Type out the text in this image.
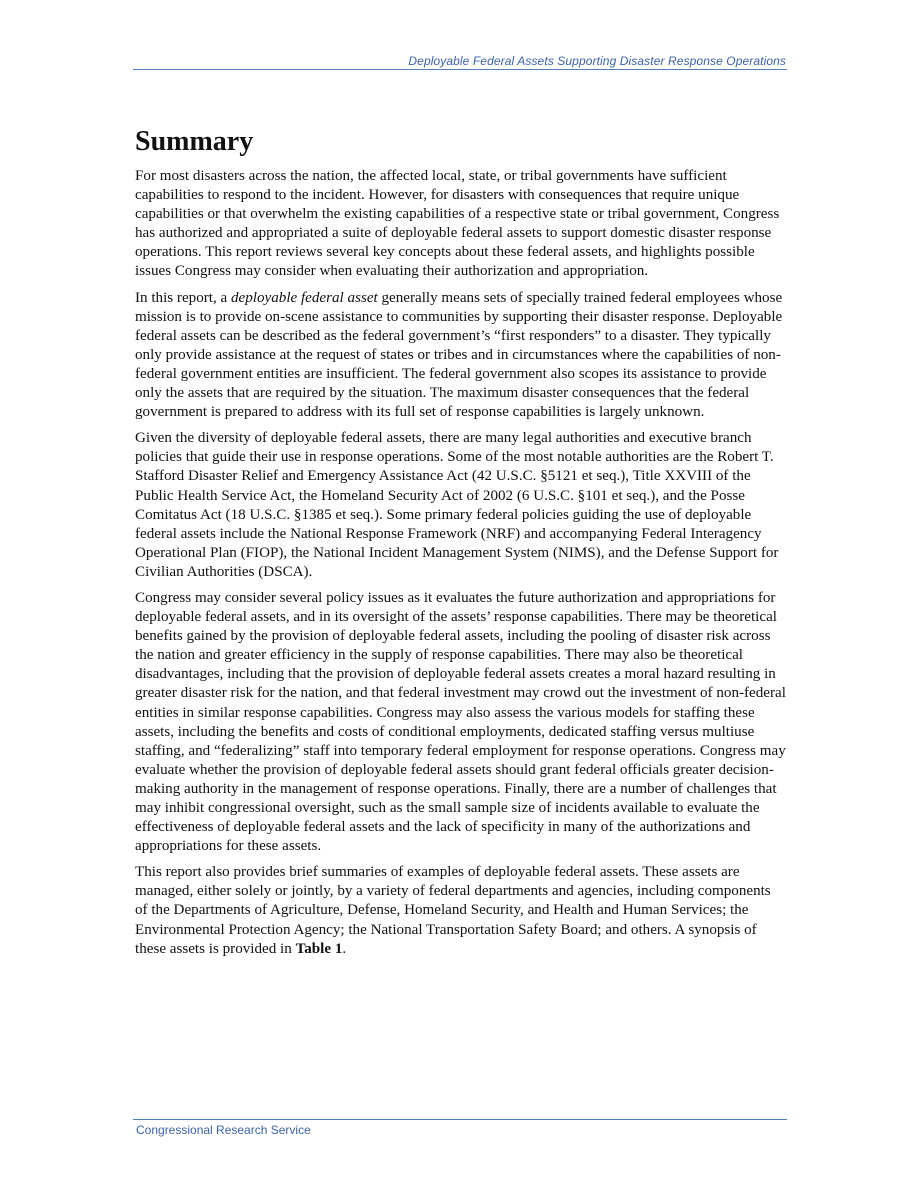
Deployable Federal Assets Supporting Disaster Response Operations
Summary

For most disasters across the nation, the affected local, state, or tribal governments have sufficient capabilities to respond to the incident. However, for disasters with consequences that require unique capabilities or that overwhelm the existing capabilities of a respective state or tribal government, Congress has authorized and appropriated a suite of deployable federal assets to support domestic disaster response operations. This report reviews several key concepts about these federal assets, and highlights possible issues Congress may consider when evaluating their authorization and appropriation.

In this report, a deployable federal asset generally means sets of specially trained federal employees whose mission is to provide on-scene assistance to communities by supporting their disaster response. Deployable federal assets can be described as the federal government’s “first responders” to a disaster. They typically only provide assistance at the request of states or tribes and in circumstances where the capabilities of non-federal government entities are insufficient. The federal government also scopes its assistance to provide only the assets that are required by the situation. The maximum disaster consequences that the federal government is prepared to address with its full set of response capabilities is largely unknown.

Given the diversity of deployable federal assets, there are many legal authorities and executive branch policies that guide their use in response operations. Some of the most notable authorities are the Robert T. Stafford Disaster Relief and Emergency Assistance Act (42 U.S.C. §5121 et seq.), Title XXVIII of the Public Health Service Act, the Homeland Security Act of 2002 (6 U.S.C. §101 et seq.), and the Posse Comitatus Act (18 U.S.C. §1385 et seq.). Some primary federal policies guiding the use of deployable federal assets include the National Response Framework (NRF) and accompanying Federal Interagency Operational Plan (FIOP), the National Incident Management System (NIMS), and the Defense Support for Civilian Authorities (DSCA).

Congress may consider several policy issues as it evaluates the future authorization and appropriations for deployable federal assets, and in its oversight of the assets’ response capabilities. There may be theoretical benefits gained by the provision of deployable federal assets, including the pooling of disaster risk across the nation and greater efficiency in the supply of response capabilities. There may also be theoretical disadvantages, including that the provision of deployable federal assets creates a moral hazard resulting in greater disaster risk for the nation, and that federal investment may crowd out the investment of non-federal entities in similar response capabilities. Congress may also assess the various models for staffing these assets, including the benefits and costs of conditional employments, dedicated staffing versus multiuse staffing, and “federalizing” staff into temporary federal employment for response operations. Congress may evaluate whether the provision of deployable federal assets should grant federal officials greater decision-making authority in the management of response operations. Finally, there are a number of challenges that may inhibit congressional oversight, such as the small sample size of incidents available to evaluate the effectiveness of deployable federal assets and the lack of specificity in many of the authorizations and appropriations for these assets.

This report also provides brief summaries of examples of deployable federal assets. These assets are managed, either solely or jointly, by a variety of federal departments and agencies, including components of the Departments of Agriculture, Defense, Homeland Security, and Health and Human Services; the Environmental Protection Agency; the National Transportation Safety Board; and others. A synopsis of these assets is provided in Table 1.

Congressional Research Service
